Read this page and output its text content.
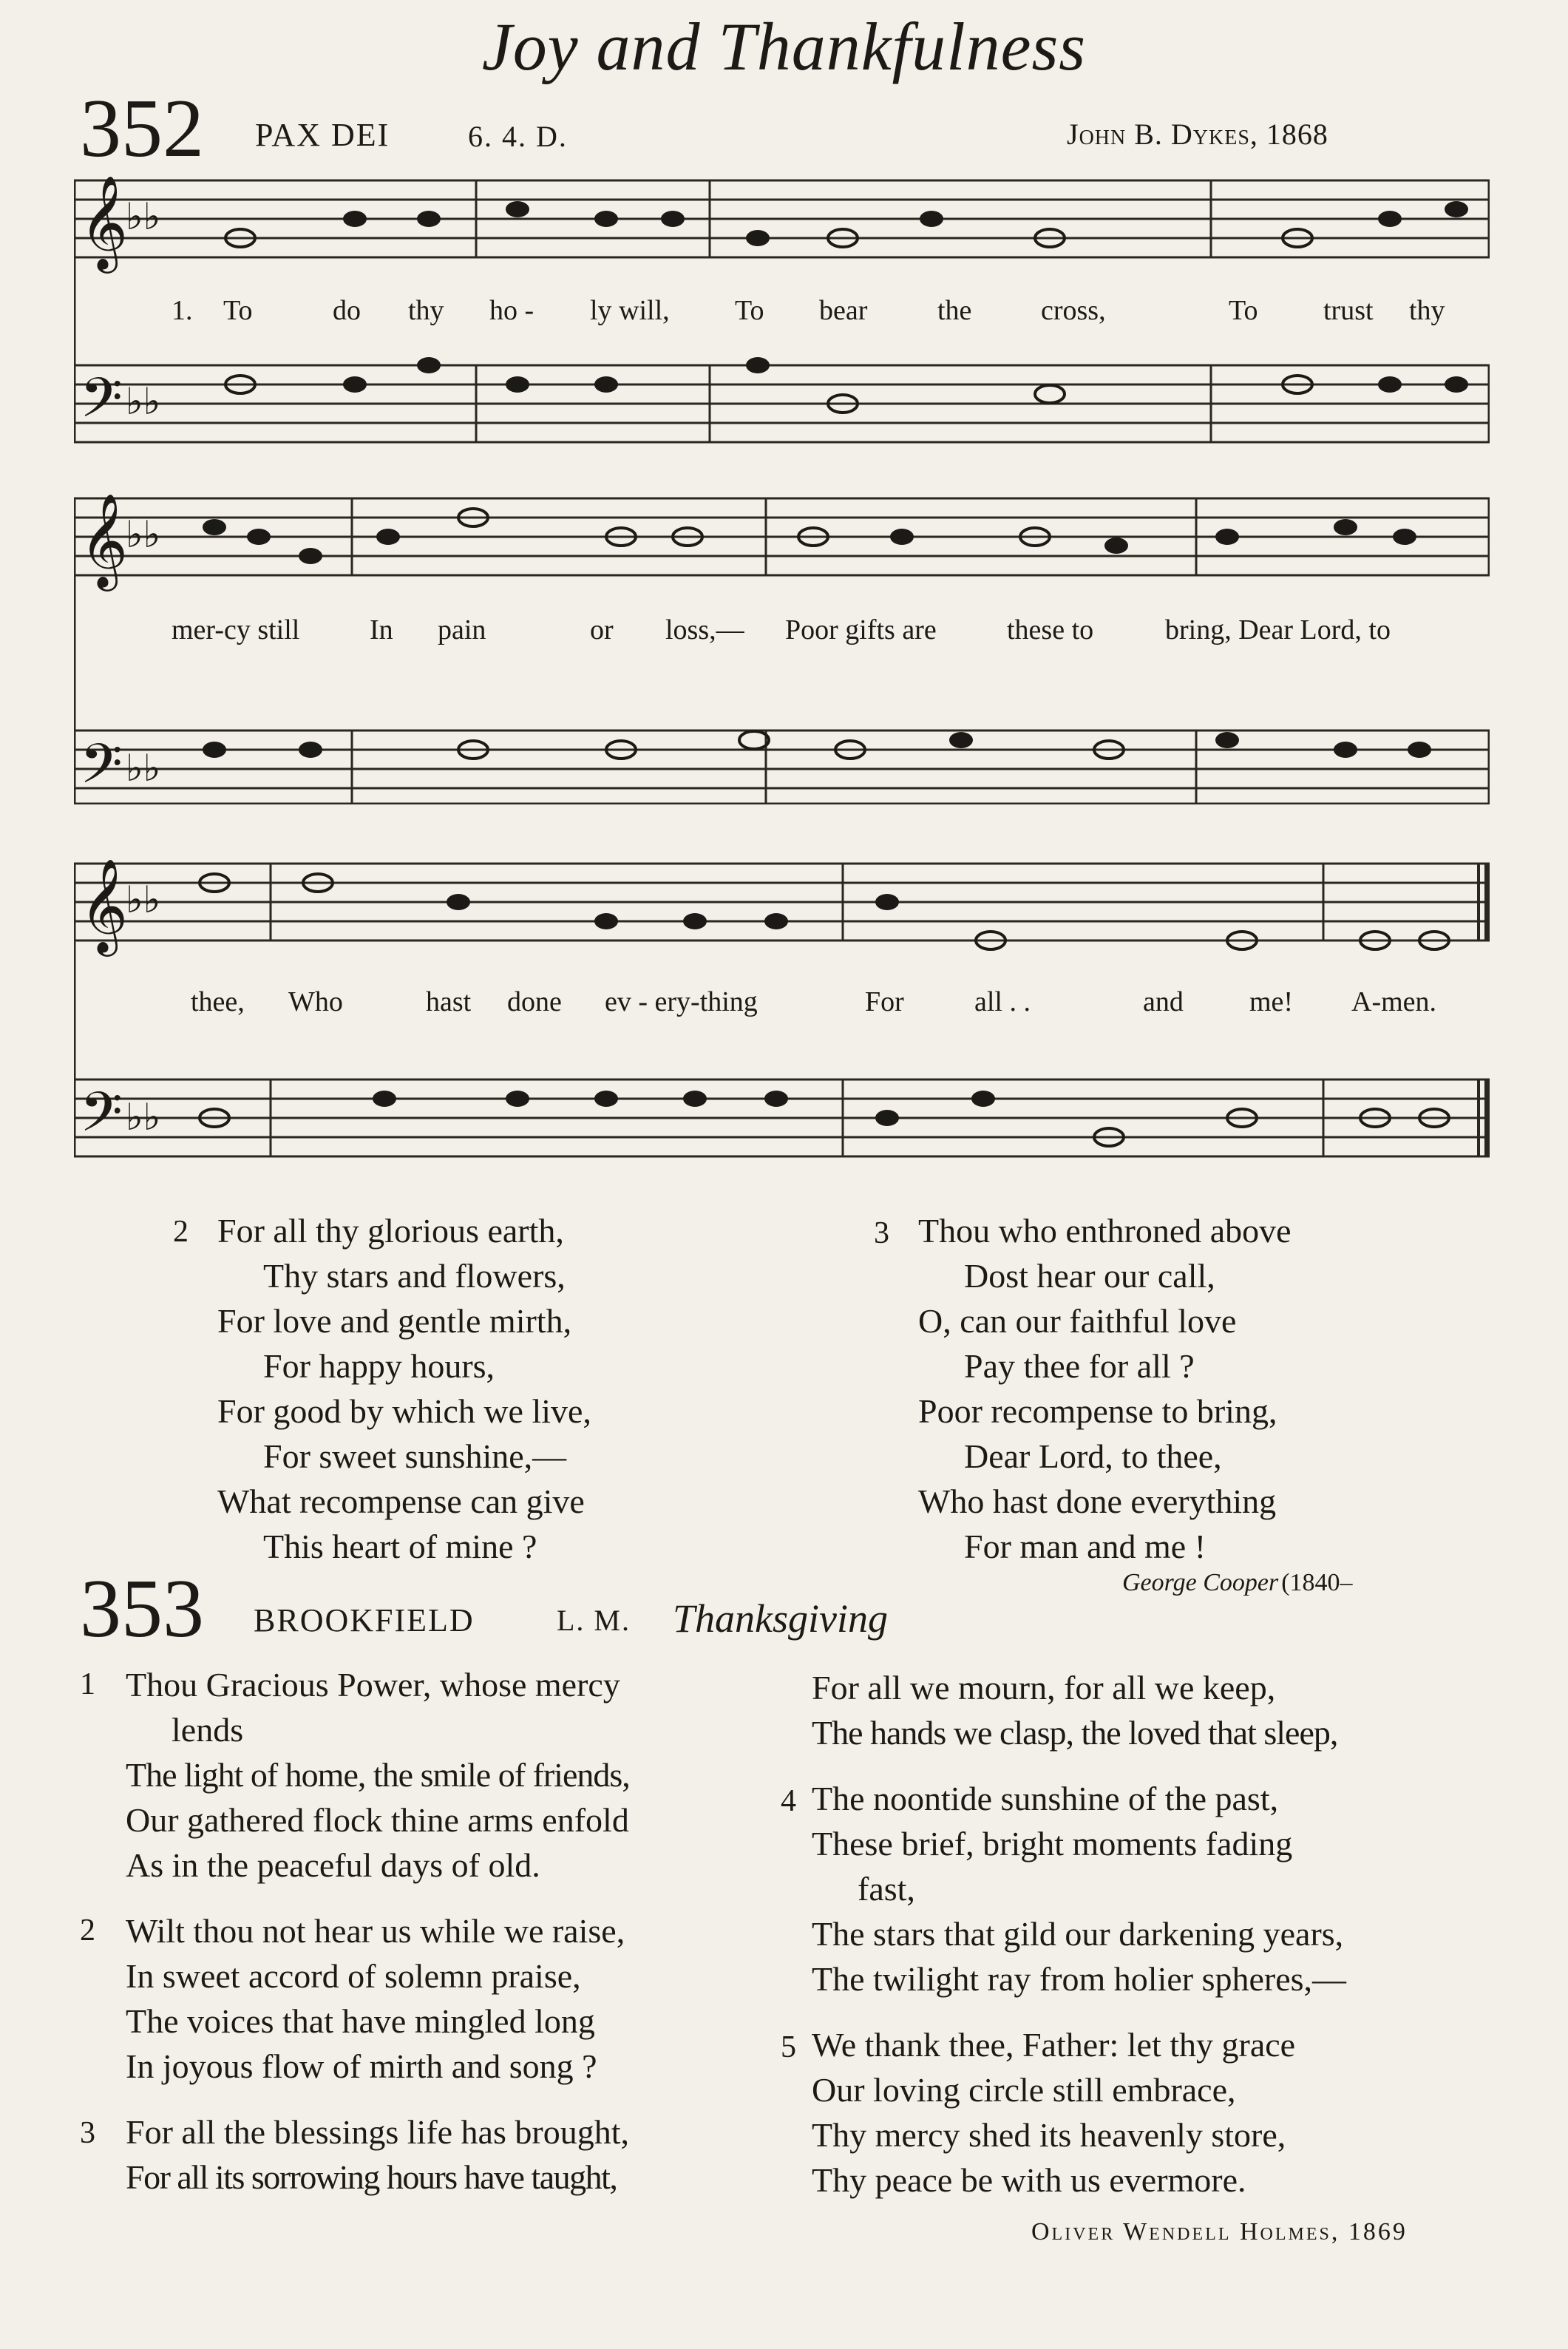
Joy and Thankfulness
352 PAX DEI	6. 4. D.	John B. Dykes, 1868
𝄞
𝄢
♭♭
♭♭
1. To	do thy ho - ly will, To bear the cross,	To trust thy
𝄞
𝄢
♭♭
♭♭
mer-cy still In pain	or loss,— Poor gifts are	these to	bring, Dear Lord, to
𝄞
𝄢
♭♭
♭♭
thee, Who	hast done ev - ery-thing	For	all . .	and me! A-men.
2 For all thy glorious earth,
Thy stars and flowers,
For love and gentle mirth,
For happy hours,
For good by which we live,
For sweet sunshine,—
What recompense can give
This heart of mine ?
3 Thou who enthroned above
Dost hear our call,
O, can our faithful love
Pay thee for all ?
Poor recompense to bring,
Dear Lord, to thee,
Who hast done everything
For man and me !
George Cooper (1840–
353 BROOKFIELD	L. M. Thanksgiving
1 Thou Gracious Power, whose mercy
lends
The light of home, the smile of friends,
Our gathered flock thine arms enfold
As in the peaceful days of old.
2 Wilt thou not hear us while we raise,
In sweet accord of solemn praise,
The voices that have mingled long
In joyous flow of mirth and song ?
3 For all the blessings life has brought,
For all its sorrowing hours have taught,
For all we mourn, for all we keep,
The hands we clasp, the loved that sleep,
4 The noontide sunshine of the past,
These brief, bright moments fading
fast,
The stars that gild our darkening years,
The twilight ray from holier spheres,—
5 We thank thee, Father: let thy grace
Our loving circle still embrace,
Thy mercy shed its heavenly store,
Thy peace be with us evermore.
Oliver Wendell Holmes, 1869
